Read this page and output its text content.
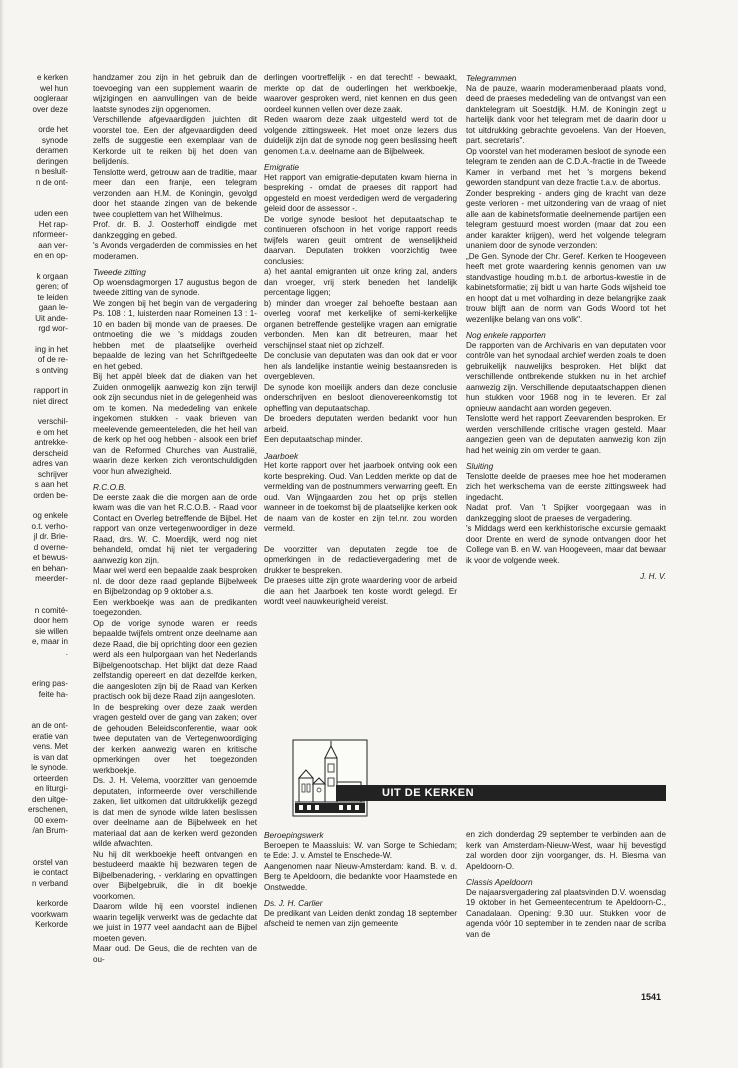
e kerken

wel hun

oogleraar

over deze

orde het

synode

deramen

deringen

n besluit-

n de ont-

uden een

Het rap-

nformeer-

aan ver-

en en op-

k orgaan

geren; of

te leiden

gaan le-

Uit ande-

rgd wor-

ing in het

of de re-

s ontving

rapport in

niet direct

verschil-

e om het

antrekke-

derscheid

adres van

schrijver

s aan het

orden be-

og enkele

o.t. verho-

jl dr. Brie-

d overne-

et bewus-

en behan-

meerder-

n comité-

door hem

sie willen

e, maar in

.

ering pas-

feite ha-

an de ont-

eratie van

vens. Met

is van dat

le synode.

orteerden

en liturgi-

den uitge-

erschenen,

00 exem-

/an Brum-

orstel van

ie contact

n verband

kerkorde

voorkwam

Kerkorde

handzamer zou zijn in het gebruik dan de toevoeging van een supplement waarin de wijzigingen en aanvullingen van de beide laatste synodes zijn opgenomen.

Verschillende afgevaardigden juichten dit voorstel toe. Een der afgevaardigden deed zelfs de suggestie een exemplaar van de Kerkorde uit te reiken bij het doen van belijdenis.

Tenslotte werd, getrouw aan de traditie, maar meer dan een franje, een telegram verzonden aan H.M. de Koningin, gevolgd door het staande zingen van de bekende twee couplettem van het Wilhelmus.

Prof. dr. B. J. Oosterhoff eindigde met dankzegging en gebed.

's Avonds vergaderden de commissies en het moderamen.

Tweede zitting

Op woensdagmorgen 17 augustus begon de tweede zitting van de synode.

We zongen bij het begin van de vergadering Ps. 108 : 1, luisterden naar Romeinen 13 : 1-10 en baden bij monde van de praeses. De ontmoeting die we 's middags zouden hebben met de plaatselijke overheid bepaalde de lezing van het Schriftgedeelte en het gebed.

Bij het appèl bleek dat de diaken van het Zuiden onmogelijk aanwezig kon zijn terwijl ook zijn secundus niet in de gelegenheid was om te komen. Na mededeling van enkele ingekomen stukken - vaak brieven van meelevende gemeenteleden, die het heil van de kerk op het oog hebben - alsook een brief van de Reformed Churches van Australië, waarin deze kerken zich verontschuldigden voor hun afwezigheid.

R.C.O.B.

De eerste zaak die die morgen aan de orde kwam was die van het R.C.O.B. - Raad voor Contact en Overleg betreffende de Bijbel. Het rapport van onze vertegenwoordiger in deze Raad, drs. W. C. Moerdijk, werd nog niet behandeld, omdat hij niet ter vergadering aanwezig kon zijn.

Maar wel werd een bepaalde zaak besproken nl. de door deze raad geplande Bijbelweek en Bijbelzondag op 9 oktober a.s.

Een werkboekje was aan de predikanten toegezonden.

Op de vorige synode waren er reeds bepaalde twijfels omtrent onze deelname aan deze Raad, die bij oprichting door een gezien werd als een hulporgaan van het Nederlands Bijbelgenootschap. Het blijkt dat deze Raad zelfstandig opereert en dat dezelfde kerken, die aangesloten zijn bij de Raad van Kerken practisch ook bij deze Raad zijn aangesloten.

In de bespreking over deze zaak werden vragen gesteld over de gang van zaken; over de gehouden Beleidsconferentie, waar ook twee deputaten van de Vertegenwoordiging der kerken aanwezig waren en kritische opmerkingen over het toegezonden werkboekje.

Ds. J. H. Velema, voorzitter van genoemde deputaten, informeerde over verschillende zaken, liet uitkomen dat uitdrukkelijk gezegd is dat men de synode wilde laten beslissen over deelname aan de Bijbelweek en het materiaal dat aan de kerken werd gezonden wilde afwachten.

Nu hij dit werkboekje heeft ontvangen en bestudeerd maakte hij bezwaren tegen de Bijbelbenadering, - verklaring en opvattingen over Bijbelgebruik, die in dit boekje voorkomen.

Daarom wilde hij een voorstel indienen waarin tegelijk verwerkt was de gedachte dat we juist in 1977 veel aandacht aan de Bijbel moeten geven.

Maar oud. De Geus, die de rechten van de ou-

derlingen voortreffelijk - en dat terecht! - bewaakt, merkte op dat de ouderlingen het werkboekje, waarover gesproken werd, niet kennen en dus geen oordeel kunnen vellen over deze zaak.

Reden waarom deze zaak uitgesteld werd tot de volgende zittingsweek. Het moet onze lezers dus duidelijk zijn dat de synode nog geen beslissing heeft genomen t.a.v. deelname aan de Bijbelweek.

Emigratie

Het rapport van emigratie-deputaten kwam hierna in bespreking - omdat de praeses dit rapport had opgesteld en moest verdedigen werd de vergadering geleid door de assessor -.

De vorige synode besloot het deputaatschap te continueren ofschoon in het vorige rapport reeds twijfels waren geuit omtrent de wenselijkheid daarvan. Deputaten trokken voorzichtig twee conclusies:

a) het aantal emigranten uit onze kring zal, anders dan vroeger, vrij sterk beneden het landelijk percentage liggen;

b) minder dan vroeger zal behoefte bestaan aan overleg vooraf met kerkelijke of semi-kerkelijke organen betreffende gestelijke vragen aan emigratie verbonden. Men kan dit betreuren, maar het verschijnsel staat niet op zichzelf.

De conclusie van deputaten was dan ook dat er voor hen als landelijke instantie weinig bestaansreden is overgebleven.

De synode kon moeilijk anders dan deze conclusie onderschrijven en besloot dienovereenkomstig tot opheffing van deputaatschap.

De broeders deputaten werden bedankt voor hun arbeid.

Een deputaatschap minder.

Jaarboek

Het korte rapport over het jaarboek ontving ook een korte bespreking. Oud. Van Ledden merkte op dat de vermelding van de postnummers verwarring geeft. En oud. Van Wijngaarden zou het op prijs stellen wanneer in de toekomst bij de plaatselijke kerken ook de naam van de koster en zijn tel.nr. zou worden vermeld.

De voorzitter van deputaten zegde toe de opmerkingen in de redactievergadering met de drukker te bespreken.

De praeses uitte zijn grote waardering voor de arbeid die aan het Jaarboek ten koste wordt gelegd. Er wordt veel nauwkeurigheid vereist.

Telegrammen

Na de pauze, waarin moderamenberaad plaats vond, deed de praeses mededeling van de ontvangst van een danktelegram uit Soestdijk. H.M. de Koningin zegt u hartelijk dank voor het telegram met de daarin door u tot uitdrukking gebrachte gevoelens. Van der Hoeven, part. secretaris".

Op voorstel van het moderamen besloot de synode een telegram te zenden aan de C.D.A.-fractie in de Tweede Kamer in verband met het 's morgens bekend geworden standpunt van deze fractie t.a.v. de abortus.

Zonder bespreking - anders ging de kracht van deze geste verloren - met uitzondering van de vraag of niet alle aan de kabinetsformatie deelnemende partijen een telegram gestuurd moest worden (maar dat zou een ander karakter krijgen), werd het volgende telegram unaniem door de synode verzonden:

„De Gen. Synode der Chr. Geref. Kerken te Hoogeveen heeft met grote waardering kennis genomen van uw standvastige houding m.b.t. de arbortus-kwestie in de kabinetsformatie; zij bidt u van harte Gods wijsheid toe en hoopt dat u met volharding in deze belangrijke zaak trouw blijft aan de norm van Gods Woord tot het wezenlijke belang van ons volk".

Nog enkele rapporten

De rapporten van de Archivaris en van deputaten voor contrôle van het synodaal archief werden zoals te doen gebruikelijk nauwelijks besproken. Het blijkt dat verschillende ontbrekende stukken nu in het archief aanwezig zijn. Verschillende deputaatschappen dienen hun stukken voor 1968 nog in te leveren. Er zal opnieuw aandacht aan worden gegeven.

Tenslotte werd het rapport Zeevarenden besproken. Er werden verschillende critische vragen gesteld. Maar aangezien geen van de deputaten aanwezig kon zijn had het weinig zin om verder te gaan.

Sluiting

Tenslotte deelde de praeses mee hoe het moderamen zich het werkschema van de eerste zittingsweek had ingedacht.

Nadat prof. Van 't Spijker voorgegaan was in dankzegging sloot de praeses de vergadering.

's Middags werd een kerkhistorische excursie gemaakt door Drente en werd de synode ontvangen door het College van B. en W. van Hoogeveen, maar dat bewaar ik voor de volgende week.

J. H. V.

UIT DE KERKEN
Beroepingswerk

Beroepen te Maassluis: W. van Sorge te Schiedam; te Ede: J. v. Amstel te Enschede-W.

Aangenomen naar Nieuw-Amsterdam: kand. B. v. d. Berg te Apeldoorn, die bedankte voor Haamstede en Onstwedde.

Ds. J. H. Carlier

De predikant van Leiden denkt zondag 18 september afscheid te nemen van zijn gemeente

en zich donderdag 29 september te verbinden aan de kerk van Amsterdam-Nieuw-West, waar hij bevestigd zal worden door zijn voorganger, ds. H. Biesma van Apeldoorn-O.

Classis Apeldoorn

De najaarsvergadering zal plaatsvinden D.V. woensdag 19 oktober in het Gemeentecentrum te Apeldoorn-C., Canadalaan. Opening: 9.30 uur. Stukken voor de agenda vóór 10 september in te zenden naar de scriba van de

1541
